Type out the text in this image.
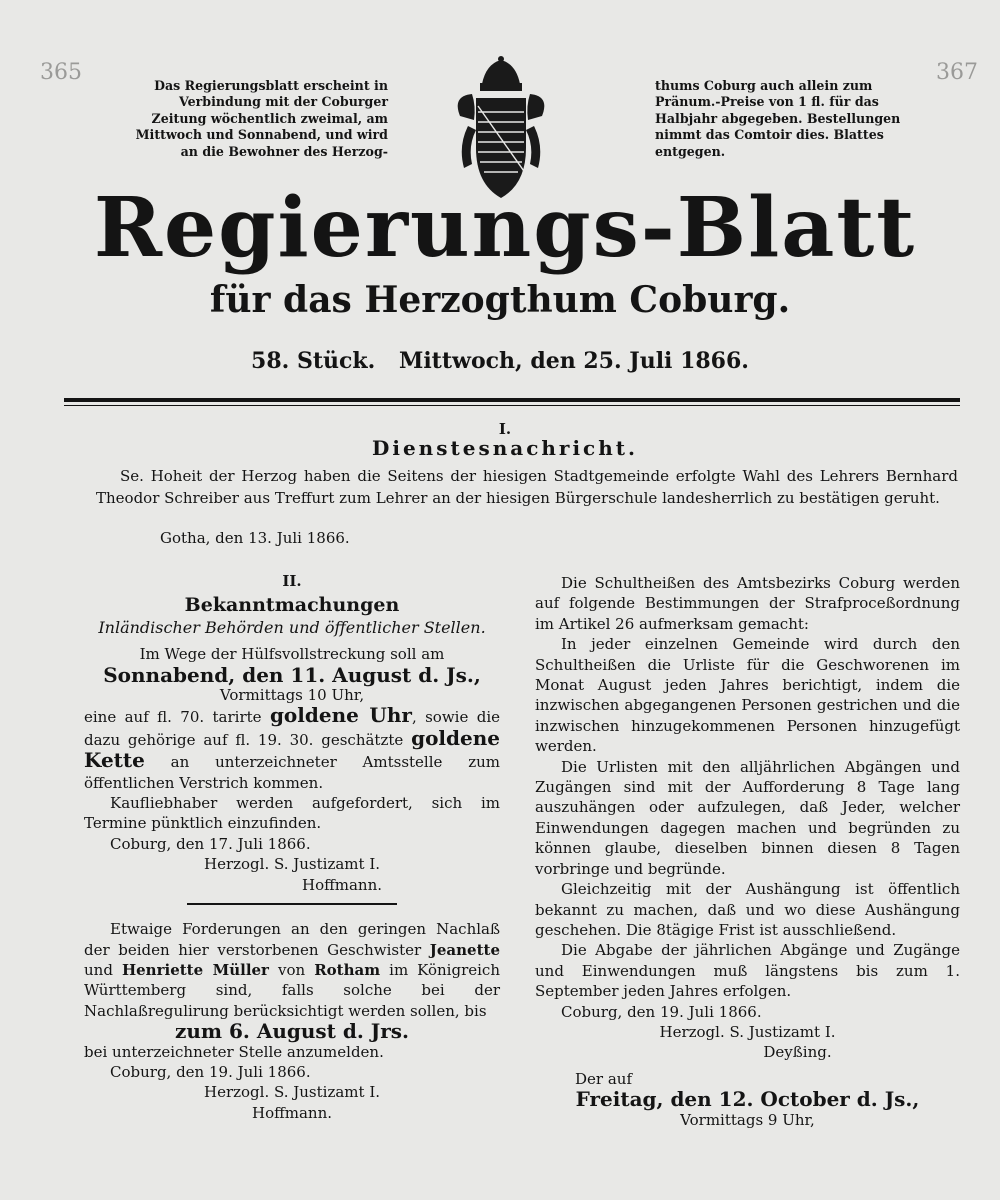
365	367

Das Regierungsblatt erscheint in Verbindung mit der Coburger Zeitung wöchentlich zweimal, am Mittwoch und Sonnabend, und wird an die Bewohner des Herzog-

thums Coburg auch allein zum Pränum.-Preise von 1 fl. für das Halbjahr abgegeben. Bestellungen nimmt das Comtoir dies. Blattes entgegen.

Regierungs-Blatt
für das Herzogthum Coburg.
58. Stück. Mittwoch, den 25. Juli 1866.
I.
Dienstesnachricht.

Se. Hoheit der Herzog haben die Seitens der hiesigen Stadtgemeinde erfolgte Wahl des Lehrers Bernhard Theodor Schreiber aus Treffurt zum Lehrer an der hiesigen Bürgerschule landesherrlich zu bestätigen geruht.

Gotha, den 13. Juli 1866.

II.

Bekanntmachungen

Inländischer Behörden und öffentlicher Stellen.

Im Wege der Hülfsvollstreckung soll am

Sonnabend, den 11. August d. Js.,

Vormittags 10 Uhr,

eine auf fl. 70. tarirte goldene Uhr, sowie die dazu gehörige auf fl. 19. 30. geschätzte goldene Kette an unterzeichneter Amtsstelle zum öffentlichen Verstrich kommen.

Kaufliebhaber werden aufgefordert, sich im Termine pünktlich einzufinden.

Coburg, den 17. Juli 1866.

Herzogl. S. Justizamt I.

Hoffmann.

Etwaige Forderungen an den geringen Nachlaß der beiden hier verstorbenen Geschwister Jeanette und Henriette Müller von Rotham im Königreich Württemberg sind, falls solche bei der Nachlaßregulirung berücksichtigt werden sollen, bis

zum 6. August d. Jrs.

bei unterzeichneter Stelle anzumelden.

Coburg, den 19. Juli 1866.

Herzogl. S. Justizamt I.

Hoffmann.

Die Schultheißen des Amtsbezirks Coburg werden auf folgende Bestimmungen der Strafproceßordnung im Artikel 26 aufmerksam gemacht:

In jeder einzelnen Gemeinde wird durch den Schultheißen die Urliste für die Geschworenen im Monat August jeden Jahres berichtigt, indem die inzwischen abgegangenen Personen gestrichen und die inzwischen hinzugekommenen Personen hinzugefügt werden.

Die Urlisten mit den alljährlichen Abgängen und Zugängen sind mit der Aufforderung 8 Tage lang auszuhängen oder aufzulegen, daß Jeder, welcher Einwendungen dagegen machen und begründen zu können glaube, dieselben binnen diesen 8 Tagen vorbringe und begründe.

Gleichzeitig mit der Aushängung ist öffentlich bekannt zu machen, daß und wo diese Aushängung geschehen. Die 8tägige Frist ist ausschließend.

Die Abgabe der jährlichen Abgänge und Zugänge und Einwendungen muß längstens bis zum 1. September jeden Jahres erfolgen.

Coburg, den 19. Juli 1866.

Herzogl. S. Justizamt I.

Deyßing.

Der auf

Freitag, den 12. October d. Js.,

Vormittags 9 Uhr,
